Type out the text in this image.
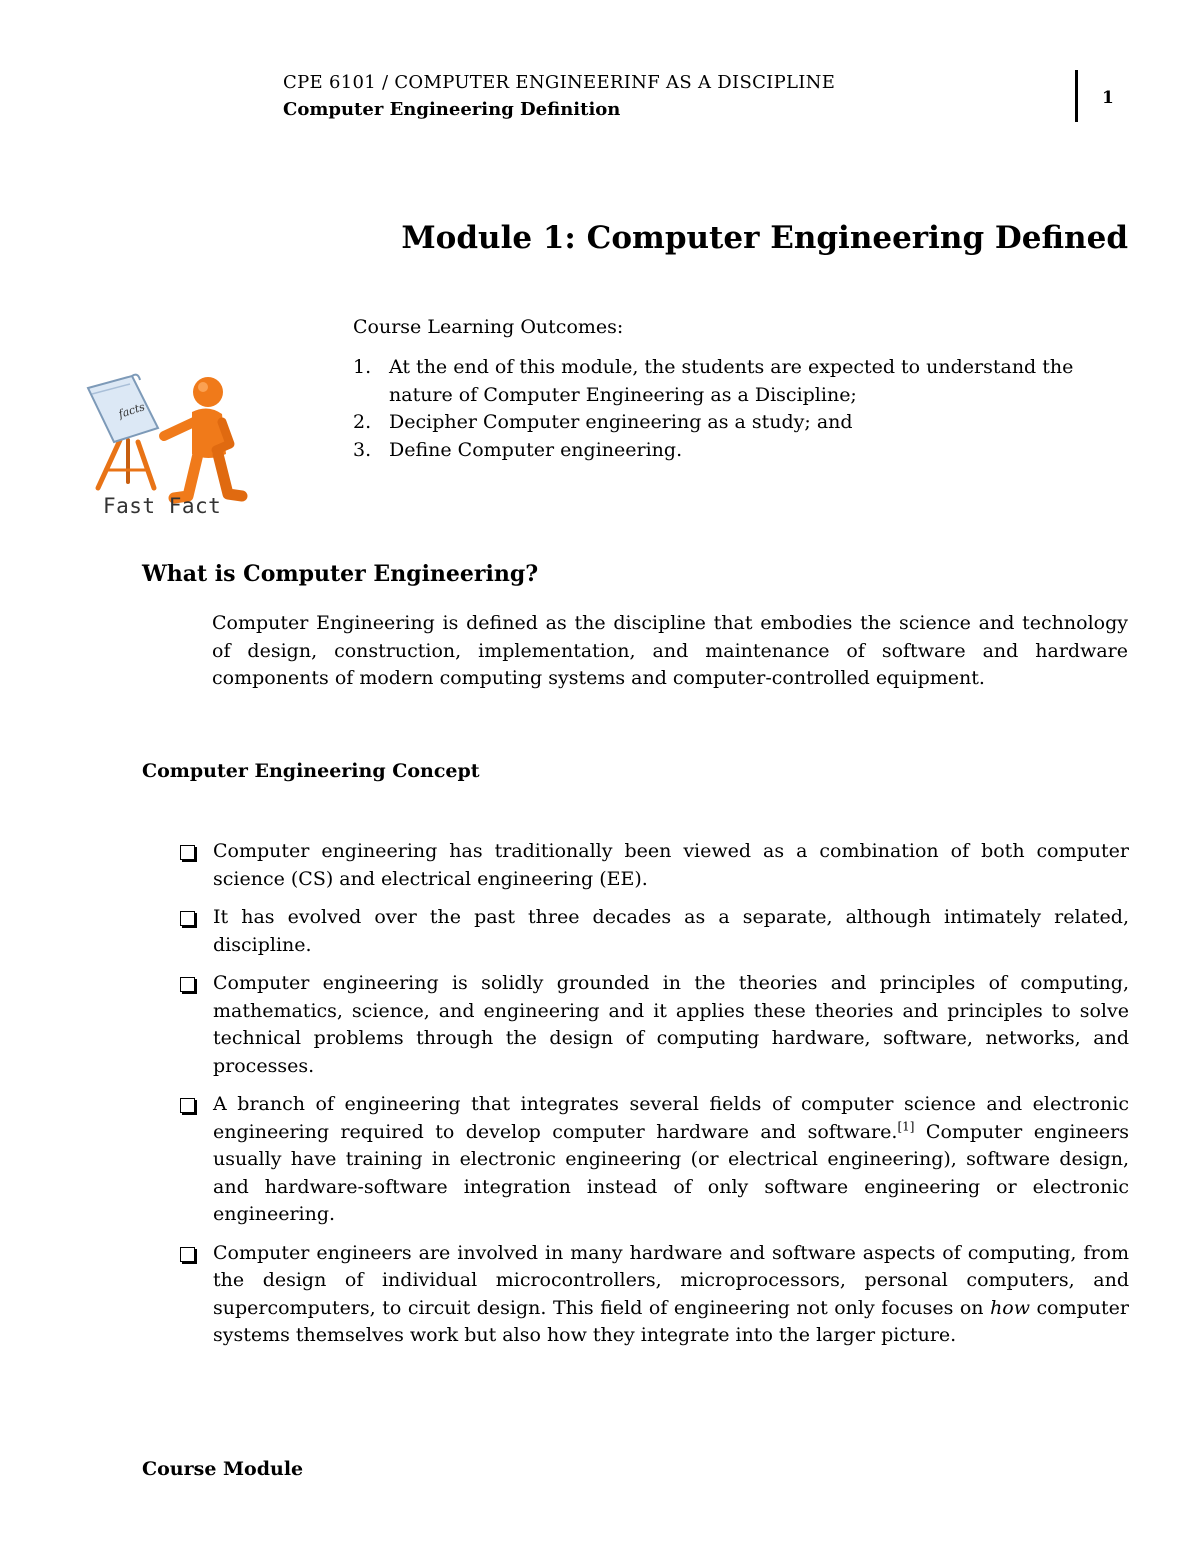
CPE 6101 / COMPUTER ENGINEERINF AS A DISCIPLINE
Computer Engineering Definition
1
Module 1: Computer Engineering Defined
facts
Fast Fact
Course Learning Outcomes:
1. At the end of this module, the students are expected to understand the nature of Computer Engineering as a Discipline;
2. Decipher Computer engineering as a study; and
3. Define Computer engineering.
What is Computer Engineering?

Computer Engineering is defined as the discipline that embodies the science and technology of design, construction, implementation, and maintenance of software and hardware components of modern computing systems and computer-controlled equipment.

Computer Engineering Concept
Computer engineering has traditionally been viewed as a combination of both computer science (CS) and electrical engineering (EE).
It has evolved over the past three decades as a separate, although intimately related, discipline.
Computer engineering is solidly grounded in the theories and principles of computing, mathematics, science, and engineering and it applies these theories and principles to solve technical problems through the design of computing hardware, software, networks, and processes.
A branch of engineering that integrates several fields of computer science and electronic engineering required to develop computer hardware and software.[1] Computer engineers usually have training in electronic engineering (or electrical engineering), software design, and hardware-software integration instead of only software engineering or electronic engineering.
Computer engineers are involved in many hardware and software aspects of computing, from the design of individual microcontrollers, microprocessors, personal computers, and supercomputers, to circuit design. This field of engineering not only focuses on how computer systems themselves work but also how they integrate into the larger picture.
Course Module
